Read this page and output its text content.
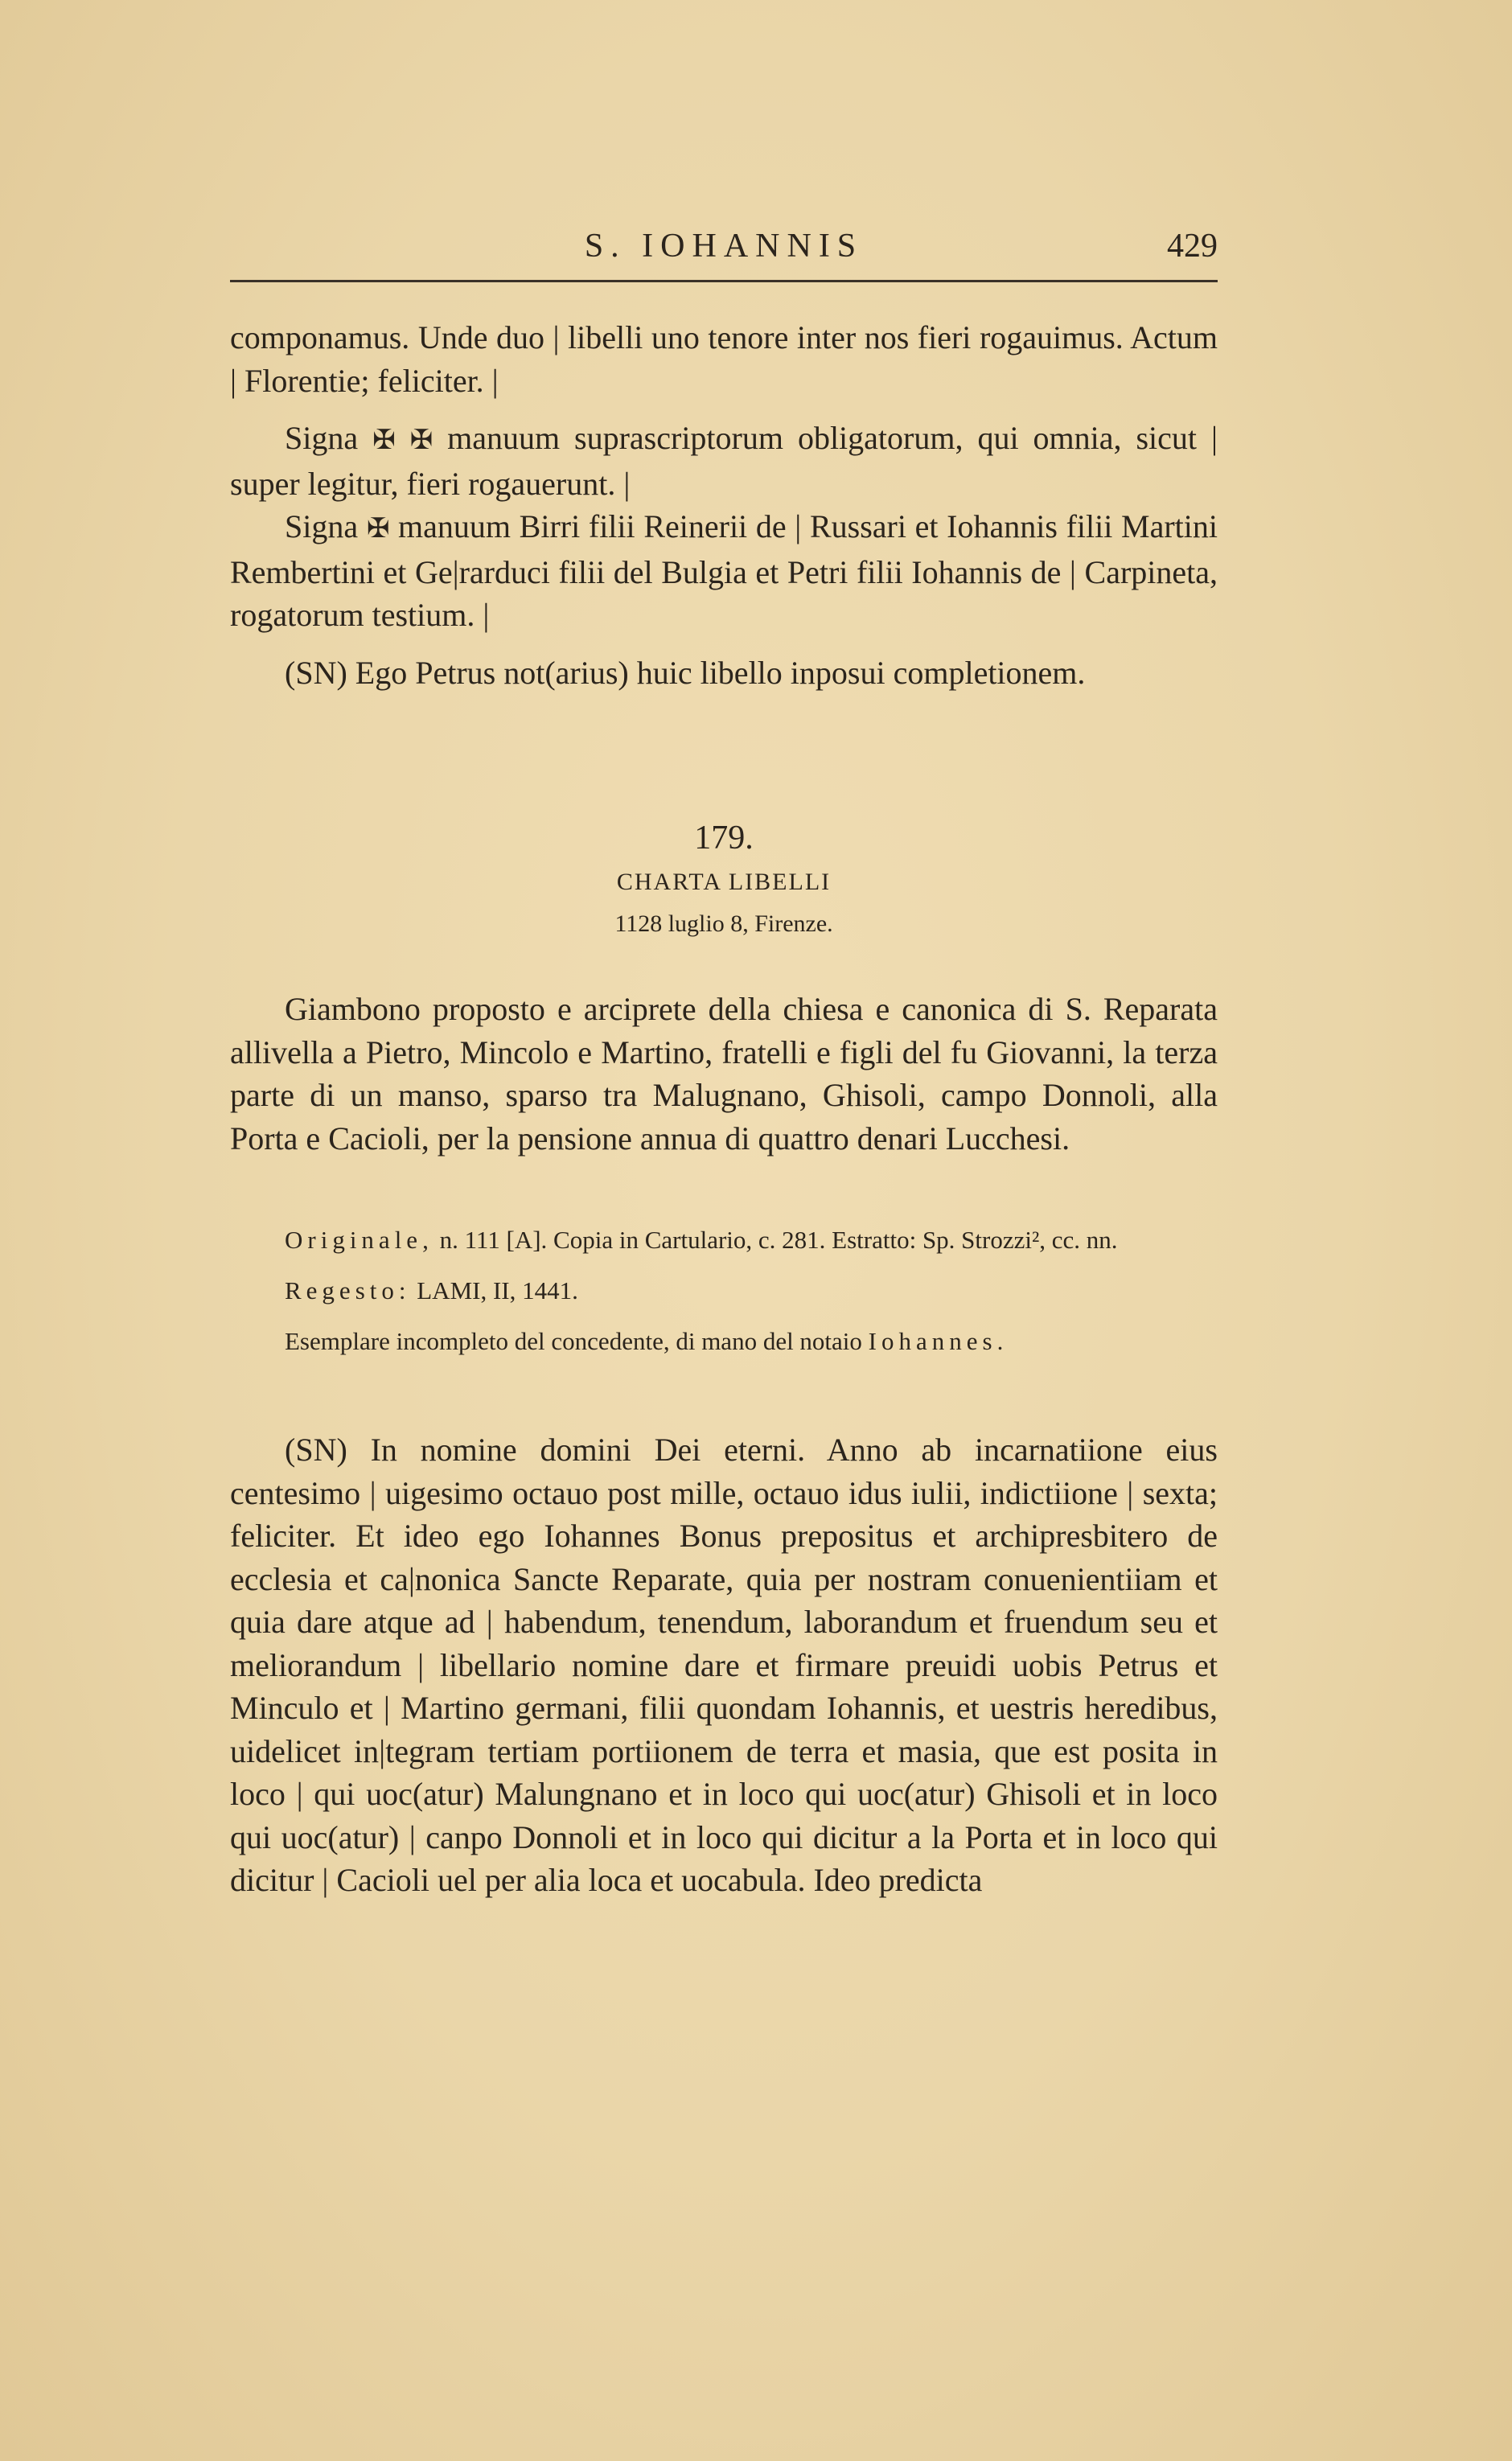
S. IOHANNIS	429

componamus. Unde duo | libelli uno tenore inter nos fieri rogauimus. Actum | Florentie; feliciter. |

Signa ✠ ✠ manuum suprascriptorum obligatorum, qui omnia, sicut | super legitur, fieri rogauerunt. |

Signa ✠ manuum Birri filii Reinerii de | Russari et Iohannis filii Martini Rembertini et Ge|rarduci filii del Bulgia et Petri filii Iohannis de | Carpineta, rogatorum testium. |

(SN) Ego Petrus not(arius) huic libello inposui completionem.

179.

CHARTA LIBELLI

1128 luglio 8, Firenze.

Giambono proposto e arciprete della chiesa e canonica di S. Reparata allivella a Pietro, Mincolo e Martino, fratelli e figli del fu Giovanni, la terza parte di un manso, sparso tra Malugnano, Ghisoli, campo Donnoli, alla Porta e Cacioli, per la pensione annua di quattro denari Lucchesi.

Originale, n. 111 [A]. Copia in Cartulario, c. 281. Estratto: Sp. Strozzi², cc. nn.

Regesto: LAMI, II, 1441.

Esemplare incompleto del concedente, di mano del notaio Iohannes.

(SN) In nomine domini Dei eterni. Anno ab incarnatiione eius centesimo | uigesimo octauo post mille, octauo idus iulii, indictiione | sexta; feliciter. Et ideo ego Iohannes Bonus prepositus et archipresbitero de ecclesia et ca|nonica Sancte Reparate, quia per nostram conuenientiiam et quia dare atque ad | habendum, tenendum, laborandum et fruendum seu et meliorandum | libellario nomine dare et firmare preuidi uobis Petrus et Minculo et | Martino germani, filii quondam Iohannis, et uestris heredibus, uidelicet in|tegram tertiam portiionem de terra et masia, que est posita in loco | qui uoc(atur) Malungnano et in loco qui uoc(atur) Ghisoli et in loco qui uoc(atur) | canpo Donnoli et in loco qui dicitur a la Porta et in loco qui dicitur | Cacioli uel per alia loca et uocabula. Ideo predicta
